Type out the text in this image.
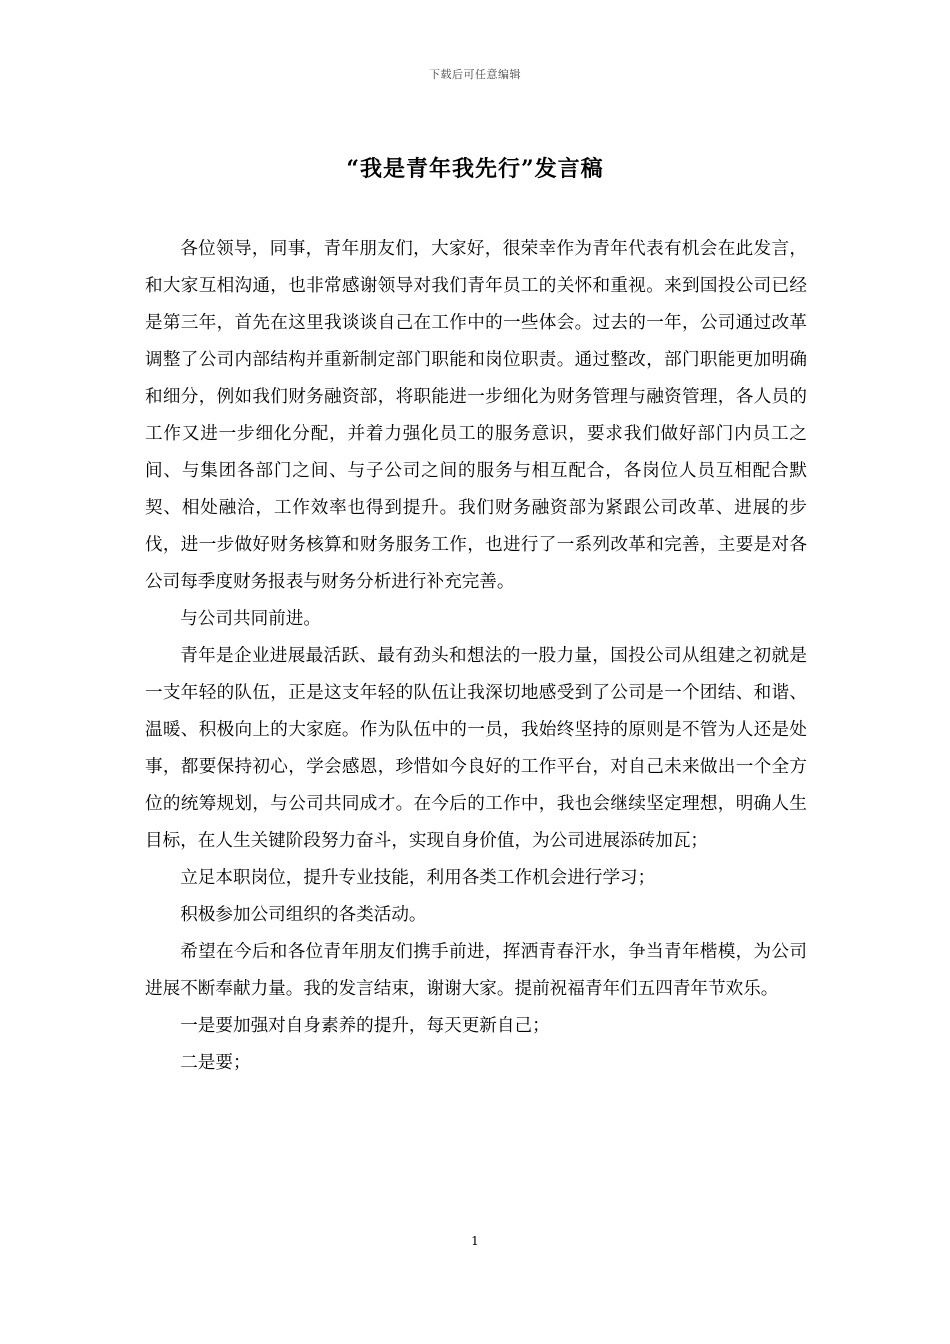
下载后可任意编辑
“我是青年我先行”发言稿

各位领导，同事，青年朋友们，大家好，很荣幸作为青年代表有机会在此发言，和大家互相沟通，也非常感谢领导对我们青年员工的关怀和重视。来到国投公司已经是第三年，首先在这里我谈谈自己在工作中的一些体会。过去的一年，公司通过改革调整了公司内部结构并重新制定部门职能和岗位职责。通过整改，部门职能更加明确和细分，例如我们财务融资部，将职能进一步细化为财务管理与融资管理，各人员的工作又进一步细化分配，并着力强化员工的服务意识，要求我们做好部门内员工之间、与集团各部门之间、与子公司之间的服务与相互配合，各岗位人员互相配合默契、相处融洽，工作效率也得到提升。我们财务融资部为紧跟公司改革、进展的步伐，进一步做好财务核算和财务服务工作，也进行了一系列改革和完善，主要是对各公司每季度财务报表与财务分析进行补充完善。

与公司共同前进。

青年是企业进展最活跃、最有劲头和想法的一股力量，国投公司从组建之初就是一支年轻的队伍，正是这支年轻的队伍让我深切地感受到了公司是一个团结、和谐、温暖、积极向上的大家庭。作为队伍中的一员，我始终坚持的原则是不管为人还是处事，都要保持初心，学会感恩，珍惜如今良好的工作平台，对自己未来做出一个全方位的统筹规划，与公司共同成才。在今后的工作中，我也会继续坚定理想，明确人生目标，在人生关键阶段努力奋斗，实现自身价值，为公司进展添砖加瓦；

立足本职岗位，提升专业技能，利用各类工作机会进行学习；

积极参加公司组织的各类活动。

希望在今后和各位青年朋友们携手前进，挥洒青春汗水，争当青年楷模，为公司进展不断奉献力量。我的发言结束，谢谢大家。提前祝福青年们五四青年节欢乐。

一是要加强对自身素养的提升，每天更新自己；

二是要；

1
